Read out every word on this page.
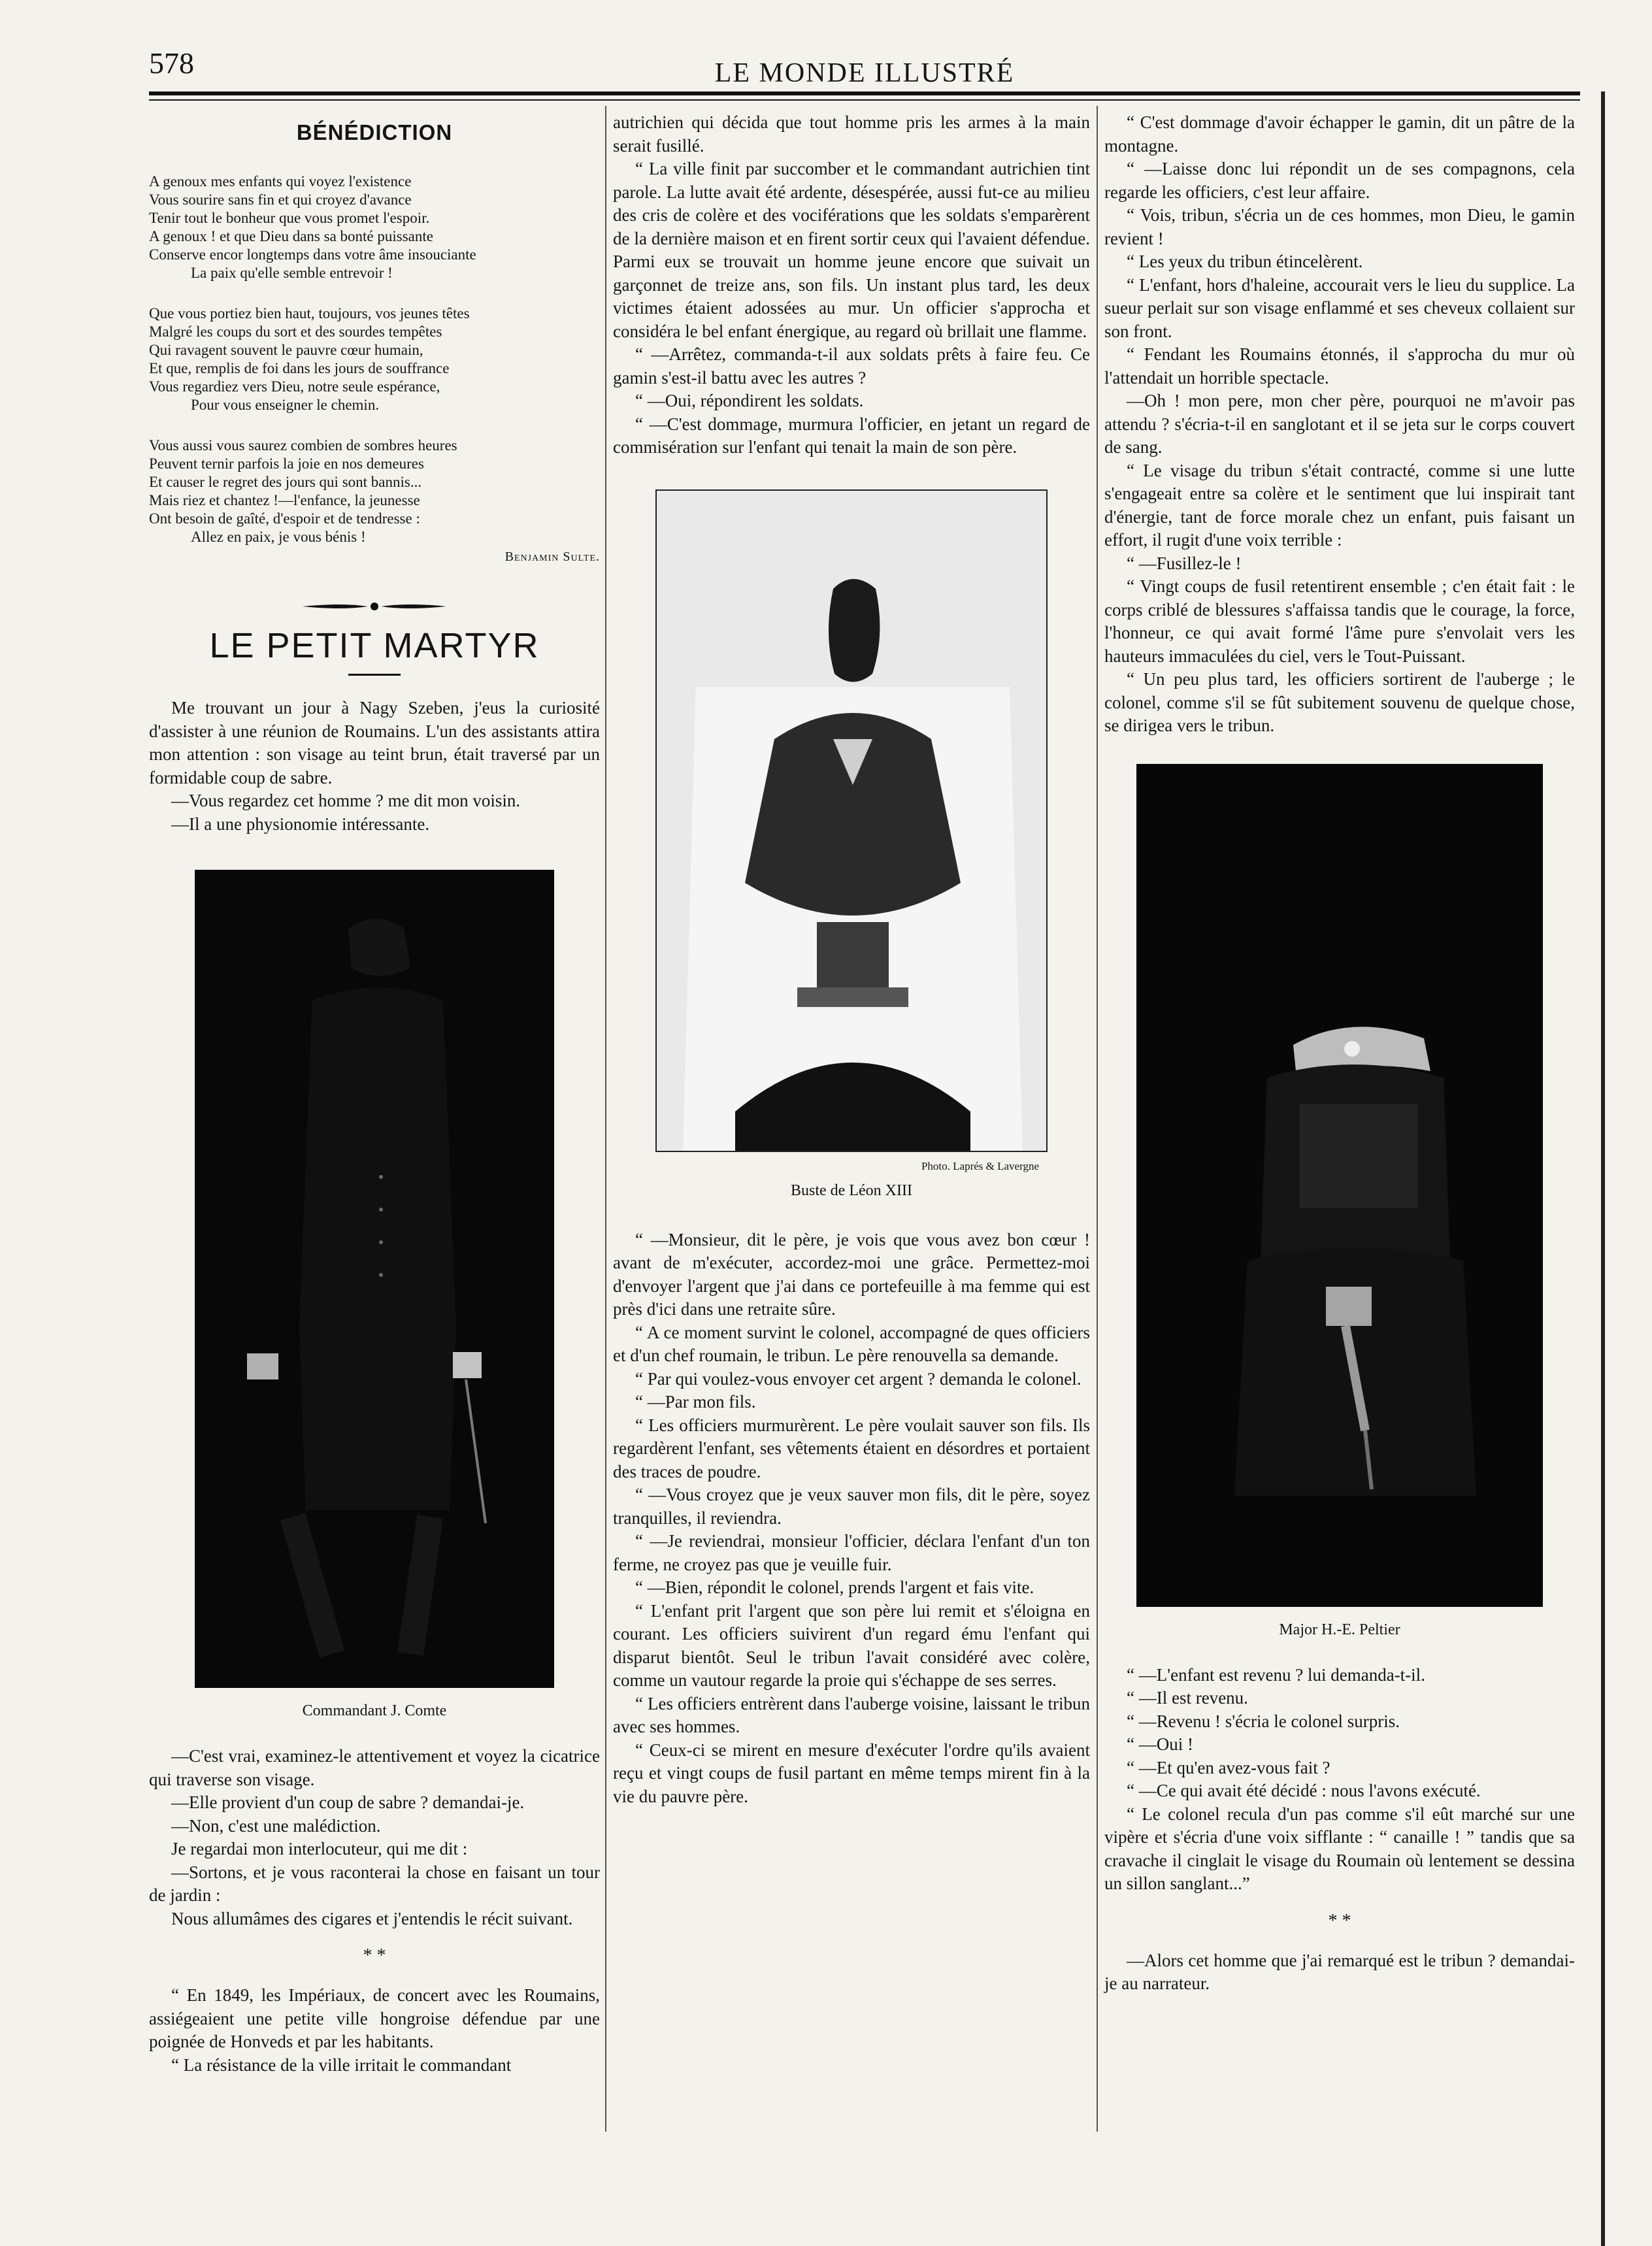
578	LE MONDE ILLUSTRÉ
BÉNÉDICTION
A genoux mes enfants qui voyez l'existence
Vous sourire sans fin et qui croyez d'avance
Tenir tout le bonheur que vous promet l'espoir.
A genoux ! et que Dieu dans sa bonté puissante
Conserve encor longtemps dans votre âme insouciante
La paix qu'elle semble entrevoir !
Que vous portiez bien haut, toujours, vos jeunes têtes
Malgré les coups du sort et des sourdes tempêtes
Qui ravagent souvent le pauvre cœur humain,
Et que, remplis de foi dans les jours de souffrance
Vous regardiez vers Dieu, notre seule espérance,
Pour vous enseigner le chemin.
Vous aussi vous saurez combien de sombres heures
Peuvent ternir parfois la joie en nos demeures
Et causer le regret des jours qui sont bannis...
Mais riez et chantez !—l'enfance, la jeunesse
Ont besoin de gaîté, d'espoir et de tendresse :
Allez en paix, je vous bénis !
Benjamin Sulte.
LE PETIT MARTYR

Me trouvant un jour à Nagy Szeben, j'eus la curiosité d'assister à une réunion de Roumains. L'un des assistants attira mon attention : son visage au teint brun, était traversé par un formidable coup de sabre.

—Vous regardez cet homme ? me dit mon voisin.

—Il a une physionomie intéressante.

Commandant J. Comte

—C'est vrai, examinez-le attentivement et voyez la cicatrice qui traverse son visage.

—Elle provient d'un coup de sabre ? demandai-je.

—Non, c'est une malédiction.

Je regardai mon interlocuteur, qui me dit :

—Sortons, et je vous raconterai la chose en faisant un tour de jardin :

Nous allumâmes des cigares et j'entendis le récit suivant.

* *

“ En 1849, les Impériaux, de concert avec les Roumains, assiégeaient une petite ville hongroise défendue par une poignée de Honveds et par les habitants.

“ La résistance de la ville irritait le commandant

autrichien qui décida que tout homme pris les armes à la main serait fusillé.

“ La ville finit par succomber et le commandant autrichien tint parole. La lutte avait été ardente, désespérée, aussi fut-ce au milieu des cris de colère et des vociférations que les soldats s'emparèrent de la dernière maison et en firent sortir ceux qui l'avaient défendue. Parmi eux se trouvait un homme jeune encore que suivait un garçonnet de treize ans, son fils. Un instant plus tard, les deux victimes étaient adossées au mur. Un officier s'approcha et considéra le bel enfant énergique, au regard où brillait une flamme.

“ —Arrêtez, commanda-t-il aux soldats prêts à faire feu. Ce gamin s'est-il battu avec les autres ?

“ —Oui, répondirent les soldats.

“ —C'est dommage, murmura l'officier, en jetant un regard de commisération sur l'enfant qui tenait la main de son père.

Photo. Laprés & Lavergne
Buste de Léon XIII

“ —Monsieur, dit le père, je vois que vous avez bon cœur ! avant de m'exécuter, accordez-moi une grâce. Permettez-moi d'envoyer l'argent que j'ai dans ce portefeuille à ma femme qui est près d'ici dans une retraite sûre.

“ A ce moment survint le colonel, accompagné de ques officiers et d'un chef roumain, le tribun. Le père renouvella sa demande.

“ Par qui voulez-vous envoyer cet argent ? demanda le colonel.

“ —Par mon fils.

“ Les officiers murmurèrent. Le père voulait sauver son fils. Ils regardèrent l'enfant, ses vêtements étaient en désordres et portaient des traces de poudre.

“ —Vous croyez que je veux sauver mon fils, dit le père, soyez tranquilles, il reviendra.

“ —Je reviendrai, monsieur l'officier, déclara l'enfant d'un ton ferme, ne croyez pas que je veuille fuir.

“ —Bien, répondit le colonel, prends l'argent et fais vite.

“ L'enfant prit l'argent que son père lui remit et s'éloigna en courant. Les officiers suivirent d'un regard ému l'enfant qui disparut bientôt. Seul le tribun l'avait considéré avec colère, comme un vautour regarde la proie qui s'échappe de ses serres.

“ Les officiers entrèrent dans l'auberge voisine, laissant le tribun avec ses hommes.

“ Ceux-ci se mirent en mesure d'exécuter l'ordre qu'ils avaient reçu et vingt coups de fusil partant en même temps mirent fin à la vie du pauvre père.

“ C'est dommage d'avoir échapper le gamin, dit un pâtre de la montagne.

“ —Laisse donc lui répondit un de ses compagnons, cela regarde les officiers, c'est leur affaire.

“ Vois, tribun, s'écria un de ces hommes, mon Dieu, le gamin revient !

“ Les yeux du tribun étincelèrent.

“ L'enfant, hors d'haleine, accourait vers le lieu du supplice. La sueur perlait sur son visage enflammé et ses cheveux collaient sur son front.

“ Fendant les Roumains étonnés, il s'approcha du mur où l'attendait un horrible spectacle.

—Oh ! mon pere, mon cher père, pourquoi ne m'avoir pas attendu ? s'écria-t-il en sanglotant et il se jeta sur le corps couvert de sang.

“ Le visage du tribun s'était contracté, comme si une lutte s'engageait entre sa colère et le sentiment que lui inspirait tant d'énergie, tant de force morale chez un enfant, puis faisant un effort, il rugit d'une voix terrible :

“ —Fusillez-le !

“ Vingt coups de fusil retentirent ensemble ; c'en était fait : le corps criblé de blessures s'affaissa tandis que le courage, la force, l'honneur, ce qui avait formé l'âme pure s'envolait vers les hauteurs immaculées du ciel, vers le Tout-Puissant.

“ Un peu plus tard, les officiers sortirent de l'auberge ; le colonel, comme s'il se fût subitement souvenu de quelque chose, se dirigea vers le tribun.

Major H.-E. Peltier

“ —L'enfant est revenu ? lui demanda-t-il.

“ —Il est revenu.

“ —Revenu ! s'écria le colonel surpris.

“ —Oui !

“ —Et qu'en avez-vous fait ?

“ —Ce qui avait été décidé : nous l'avons exécuté.

“ Le colonel recula d'un pas comme s'il eût marché sur une vipère et s'écria d'une voix sifflante : “ canaille ! ” tandis que sa cravache il cinglait le visage du Roumain où lentement se dessina un sillon sanglant...”

* *

—Alors cet homme que j'ai remarqué est le tribun ? demandai-je au narrateur.
